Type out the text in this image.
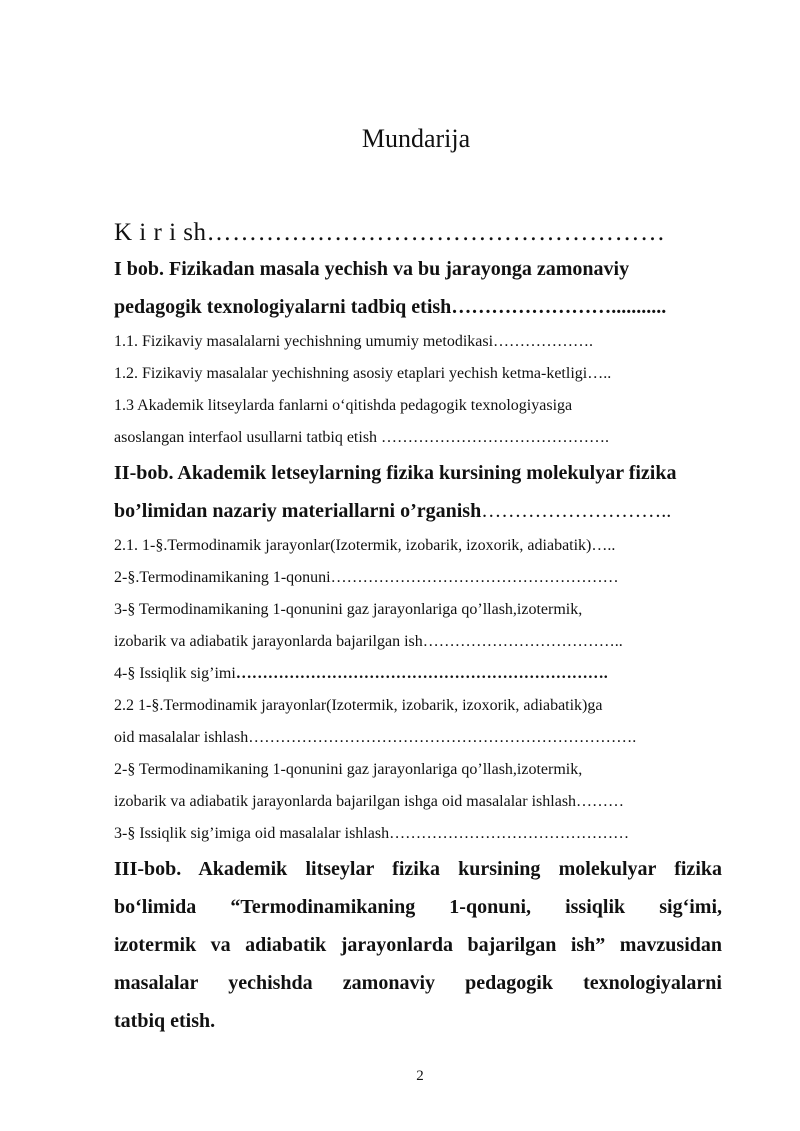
Mundarija
K i r i sh………………………………………………
I bob. Fizikadan masala yechish va bu jarayonga zamonaviy
pedagogik texnologiyalarni tadbiq etish……………………...........
1.1. Fizikaviy masalalarni yechishning umumiy metodikasi……………….
1.2. Fizikaviy masalalar yechishning asosiy etaplari yechish ketma-ketligi…..
1.3 Akademik litseylarda fanlarni o‘qitishda pedagogik texnologiyasiga
asoslangan interfaol usullarni tatbiq etish …………………………………….
II-bob. Akademik letseylarning fizika kursining molekulyar fizika
bo’limidan nazariy materiallarni o’rganish………………………..
2.1. 1-§.Termodinamik jarayonlar(Izotermik, izobarik, izoxorik, adiabatik)…..
2-§.Termodinamikaning 1-qonuni………………………………………………
3-§ Termodinamikaning 1-qonunini gaz jarayonlariga qo’llash,izotermik,
izobarik va adiabatik jarayonlarda bajarilgan ish………………………………..
4-§ Issiqlik sig’imi…………………………………………………………….
2.2 1-§.Termodinamik jarayonlar(Izotermik, izobarik, izoxorik, adiabatik)ga
oid masalalar ishlash……………………………………………………………….
2-§ Termodinamikaning 1-qonunini gaz jarayonlariga qo’llash,izotermik,
izobarik va adiabatik jarayonlarda bajarilgan ishga oid masalalar ishlash………
3-§ Issiqlik sig’imiga oid masalalar ishlash………………………………………
III-bob. Akademik litseylar fizika kursining molekulyar fizika
bo‘limida “Termodinamikaning 1-qonuni, issiqlik sig‘imi,
izotermik va adiabatik jarayonlarda bajarilgan ish” mavzusidan
masalalar yechishda zamonaviy pedagogik texnologiyalarni
tatbiq etish.
2
